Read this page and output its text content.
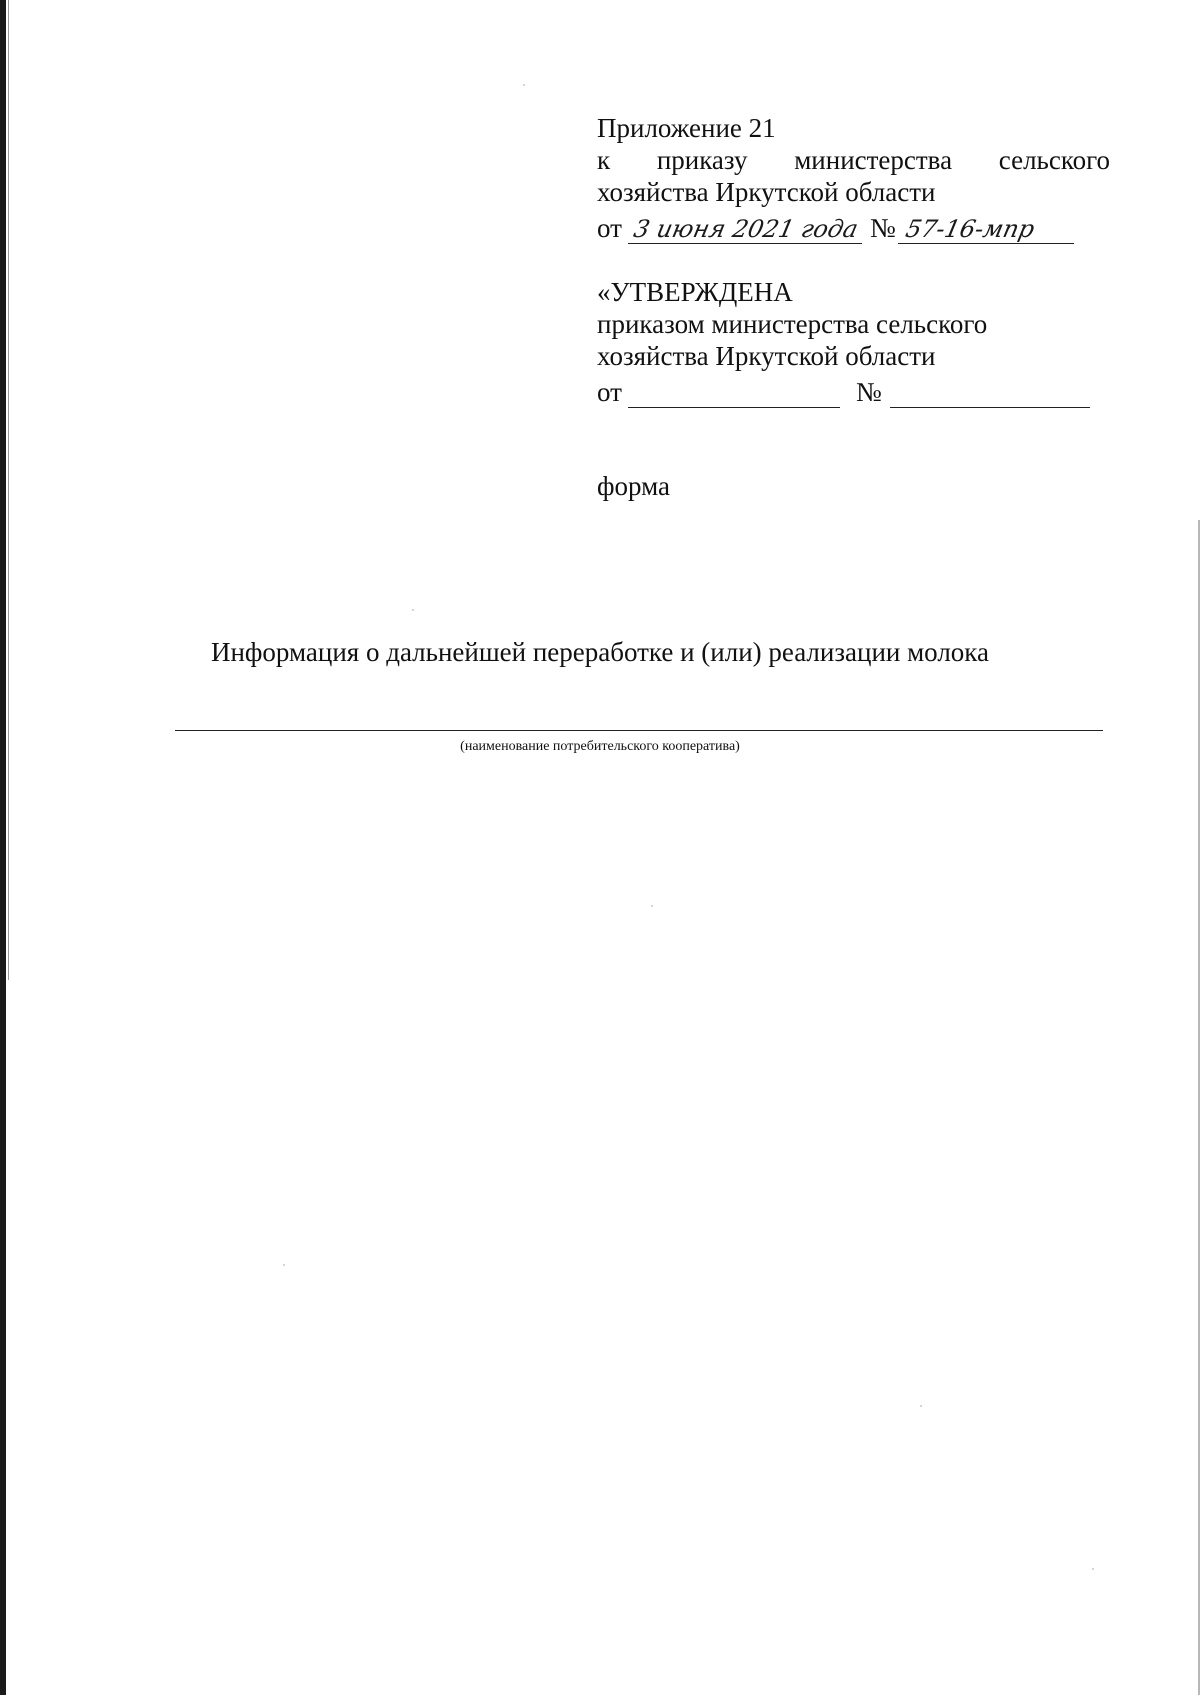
Приложение 21
к приказу министерства сельского
хозяйства Иркутской области
от 3 июня 2021 года № 57-16-мпр
«УТВЕРЖДЕНА
приказом министерства сельского
хозяйства Иркутской области
от	№
форма
Информация о дальнейшей переработке и (или) реализации молока
(наименование потребительского кооператива)
